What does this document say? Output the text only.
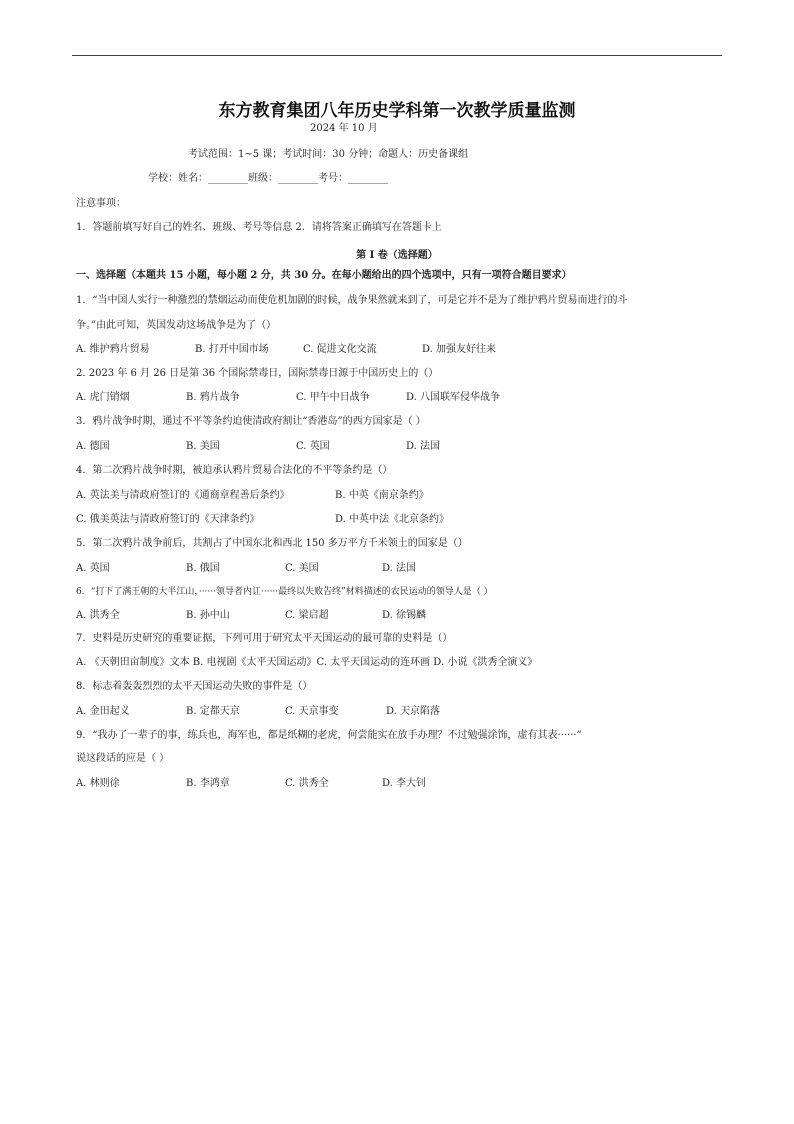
东方教育集团八年历史学科第一次教学质量监测
2024 年 10 月
考试范围：1~5 课；考试时间：30 分钟；命题人：历史备课组
学校：姓名：________班级：________考号：________
注意事项：
1．答题前填写好自己的姓名、班级、考号等信息 2．请将答案正确填写在答题卡上
第 I 卷（选择题）
一、选择题（本题共 15 小题，每小题 2 分，共 30 分。在每小题给出的四个选项中，只有一项符合题目要求）
1．“当中国人实行一种激烈的禁烟运动而使危机加剧的时候，战争果然就来到了，可是它并不是为了维护鸦片贸易而进行的斗
争。”由此可知，英国发动这场战争是为了（）
A. 维护鸦片贸易	B. 打开中国市场	C. 促进文化交流	D. 加强友好往来
2. 2023 年 6 月 26 日是第 36 个国际禁毒日，国际禁毒日源于中国历史上的（）
A. 虎门销烟	B. 鸦片战争	C. 甲午中日战争	D. 八国联军侵华战争
3．鸦片战争时期，通过不平等条约迫使清政府割让“香港岛”的西方国家是（ ）
A. 德国	B. 美国	C. 英国	D. 法国
4．第二次鸦片战争时期，被迫承认鸦片贸易合法化的不平等条约是（）
A. 英法美与清政府签订的《通商章程善后条约》	B. 中英《南京条约》
C. 俄美英法与清政府签订的《天津条约》	D. 中英中法《北京条约》
5．第二次鸦片战争前后，共割占了中国东北和西北 150 多万平方千米领土的国家是（）
A. 英国	B. 俄国	C. 美国	D. 法国
6．“打下了满王朝的大半江山，······领导者内讧······最终以失败告终”材料描述的农民运动的领导人是（ ）
A. 洪秀全	B. 孙中山	C. 梁启超	D. 徐锡麟
7．史料是历史研究的重要证据，下列可用于研究太平天国运动的最可靠的史料是（）
A. 《天朝田亩制度》文本 B. 电视剧《太平天国运动》C. 太平天国运动的连环画 D. 小说《洪秀全演义》
8．标志着轰轰烈烈的太平天国运动失败的事件是（）
A. 金田起义	B. 定都天京	C. 天京事变	D. 天京陷落
9．“我办了一辈子的事，练兵也，海军也，都是纸糊的老虎，何尝能实在放手办理？不过勉强涂饰，虚有其表······”
说这段话的应是（ ）
A. 林则徐	B. 李鸿章	C. 洪秀全	D. 李大钊
